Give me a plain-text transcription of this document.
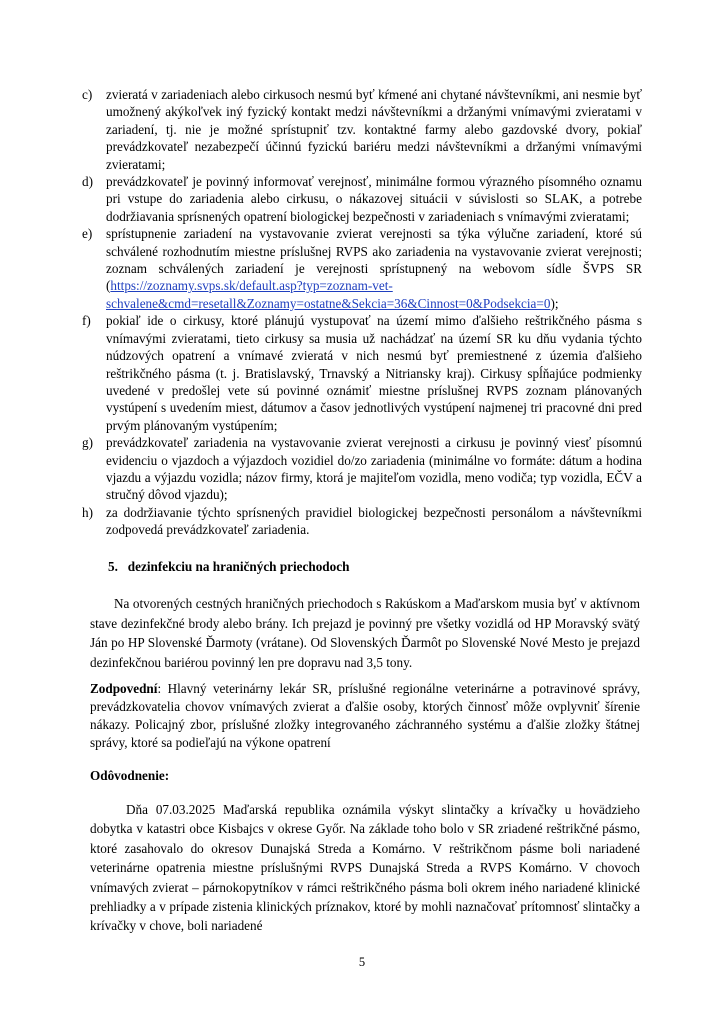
c) zvieratá v zariadeniach alebo cirkusoch nesmú byť kŕmené ani chytané návštevníkmi, ani nesmie byť umožnený akýkoľvek iný fyzický kontakt medzi návštevníkmi a držanými vnímavými zvieratami v zariadení, tj. nie je možné sprístupniť tzv. kontaktné farmy alebo gazdovské dvory, pokiaľ prevádzkovateľ nezabezpečí účinnú fyzickú bariéru medzi návštevníkmi a držanými vnímavými zvieratami;
d) prevádzkovateľ je povinný informovať verejnosť, minimálne formou výrazného písomného oznamu pri vstupe do zariadenia alebo cirkusu, o nákazovej situácii v súvislosti so SLAK, a potrebe dodržiavania sprísnených opatrení biologickej bezpečnosti v zariadeniach s vnímavými zvieratami;
e) sprístupnenie zariadení na vystavovanie zvierat verejnosti sa týka výlučne zariadení, ktoré sú schválené rozhodnutím miestne príslušnej RVPS ako zariadenia na vystavovanie zvierat verejnosti; zoznam schválených zariadení je verejnosti sprístupnený na webovom sídle ŠVPS SR (https://zoznamy.svps.sk/default.asp?typ=zoznam-vet-schvalene&cmd=resetall&Zoznamy=ostatne&Sekcia=36&Cinnost=0&Podsekcia=0);
f) pokiaľ ide o cirkusy, ktoré plánujú vystupovať na území mimo ďalšieho reštrikčného pásma s vnímavými zvieratami, tieto cirkusy sa musia už nachádzať na území SR ku dňu vydania týchto núdzových opatrení a vnímavé zvieratá v nich nesmú byť premiestnené z územia ďalšieho reštrikčného pásma (t. j. Bratislavský, Trnavský a Nitriansky kraj). Cirkusy spĺňajúce podmienky uvedené v predošlej vete sú povinné oznámiť miestne príslušnej RVPS zoznam plánovaných vystúpení s uvedením miest, dátumov a časov jednotlivých vystúpení najmenej tri pracovné dni pred prvým plánovaným vystúpením;
g) prevádzkovateľ zariadenia na vystavovanie zvierat verejnosti a cirkusu je povinný viesť písomnú evidenciu o vjazdoch a výjazdoch vozidiel do/zo zariadenia (minimálne vo formáte: dátum a hodina vjazdu a výjazdu vozidla; názov firmy, ktorá je majiteľom vozidla, meno vodiča; typ vozidla, EČV a stručný dôvod vjazdu);
h) za dodržiavanie týchto sprísnených pravidiel biologickej bezpečnosti personálom a návštevníkmi zodpovedá prevádzkovateľ zariadenia.
5.   dezinfekciu na hraničných priechodoch

Na otvorených cestných hraničných priechodoch s Rakúskom a Maďarskom musia byť v aktívnom stave dezinfekčné brody alebo brány. Ich prejazd je povinný pre všetky vozidlá od HP Moravský svätý Ján po HP Slovenské Ďarmoty (vrátane). Od Slovenských Ďarmôt po Slovenské Nové Mesto je prejazd dezinfekčnou bariérou povinný len pre dopravu nad 3,5 tony.

Zodpovední: Hlavný veterinárny lekár SR, príslušné regionálne veterinárne a potravinové správy, prevádzkovatelia chovov vnímavých zvierat a ďalšie osoby, ktorých činnosť môže ovplyvniť šírenie nákazy. Policajný zbor, príslušné zložky integrovaného záchranného systému a ďalšie zložky štátnej správy, ktoré sa podieľajú na výkone opatrení

Odôvodnenie:

Dňa 07.03.2025 Maďarská republika oznámila výskyt slintačky a krívačky u hovädzieho dobytka v katastri obce Kisbajcs v okrese Győr. Na základe toho bolo v SR zriadené reštrikčné pásmo, ktoré zasahovalo do okresov Dunajská Streda a Komárno. V reštrikčnom pásme boli nariadené veterinárne opatrenia miestne príslušnými RVPS Dunajská Streda a RVPS Komárno. V chovoch vnímavých zvierat – párnokopytníkov v rámci reštrikčného pásma boli okrem iného nariadené klinické prehliadky a v prípade zistenia klinických príznakov, ktoré by mohli naznačovať prítomnosť slintačky a krívačky v chove, boli nariadené

5
